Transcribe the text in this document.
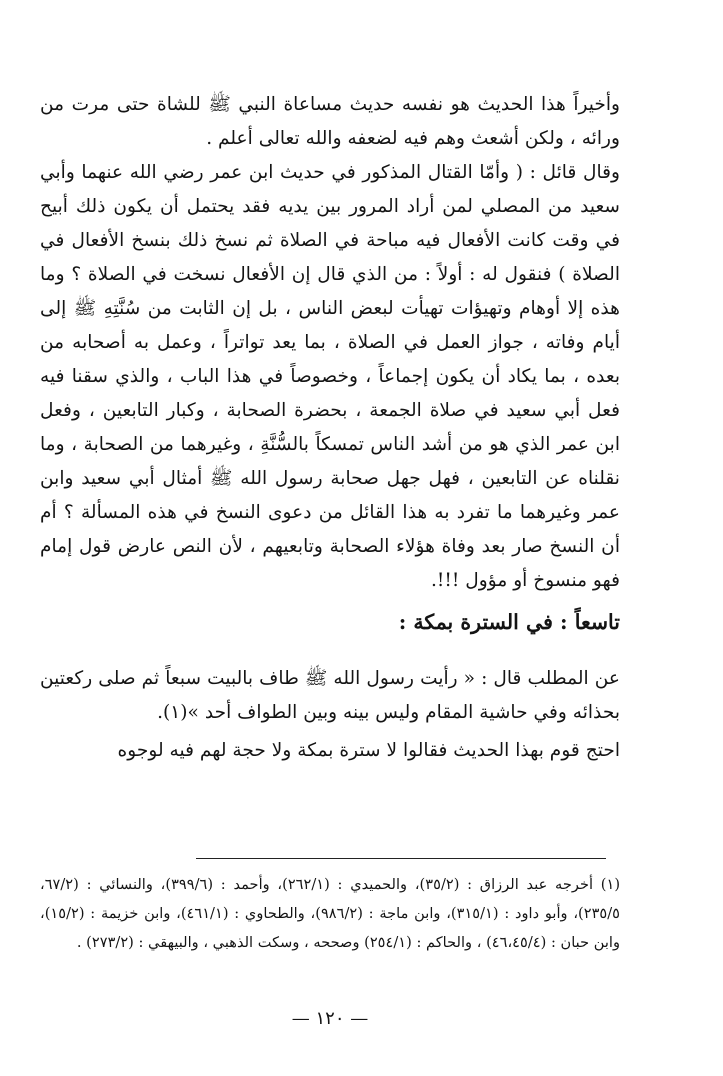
وأخيراً هذا الحديث هو نفسه حديث مساعاة النبي ﷺ للشاة حتى مرت من ورائه ، ولكن أشعث وهم فيه لضعفه والله تعالى أعلم .

وقال قائل : ( وأمّا القتال المذكور في حديث ابن عمر رضي الله عنهما وأبي سعيد من المصلي لمن أراد المرور بين يديه فقد يحتمل أن يكون ذلك أبيح في وقت كانت الأفعال فيه مباحة في الصلاة ثم نسخ ذلك بنسخ الأفعال في الصلاة ) فنقول له : أولاً : من الذي قال إن الأفعال نسخت في الصلاة ؟ وما هذه إلا أوهام وتهيؤات تهيأت لبعض الناس ، بل إن الثابت من سُنَّتِهِ ﷺ إلى أيام وفاته ، جواز العمل في الصلاة ، بما يعد تواتراً ، وعمل به أصحابه من بعده ، بما يكاد أن يكون إجماعاً ، وخصوصاً في هذا الباب ، والذي سقنا فيه فعل أبي سعيد في صلاة الجمعة ، بحضرة الصحابة ، وكبار التابعين ، وفعل ابن عمر الذي هو من أشد الناس تمسكاً بالسُّنَّةِ ، وغيرهما من الصحابة ، وما نقلناه عن التابعين ، فهل جهل صحابة رسول الله ﷺ أمثال أبي سعيد وابن عمر وغيرهما ما تفرد به هذا القائل من دعوى النسخ في هذه المسألة ؟ أم أن النسخ صار بعد وفاة هؤلاء الصحابة وتابعيهم ، لأن النص عارض قول إمام فهو منسوخ أو مؤول !!!.

تاسعاً : في السترة بمكة :

عن المطلب قال : « رأيت رسول الله ﷺ طاف بالبيت سبعاً ثم صلى ركعتين بحذائه وفي حاشية المقام وليس بينه وبين الطواف أحد »(١).

احتج قوم بهذا الحديث فقالوا لا سترة بمكة ولا حجة لهم فيه لوجوه

(١) أخرجه عبد الرزاق : (٣٥/٢)، والحميدي : (٢٦٢/١)، وأحمد : (٣٩٩/٦)، والنسائي : (٦٧/٢، ٢٣٥/٥)، وأبو داود : (٣١٥/١)، وابن ماجة : (٩٨٦/٢)، والطحاوي : (٤٦١/١)، وابن خزيمة : (١٥/٢)، وابن حبان : (٤٦،٤٥/٤) ، والحاكم : (٢٥٤/١) وصححه ، وسكت الذهبي ، والبيهقي : (٢٧٣/٢) .

— ١٢٠ —
